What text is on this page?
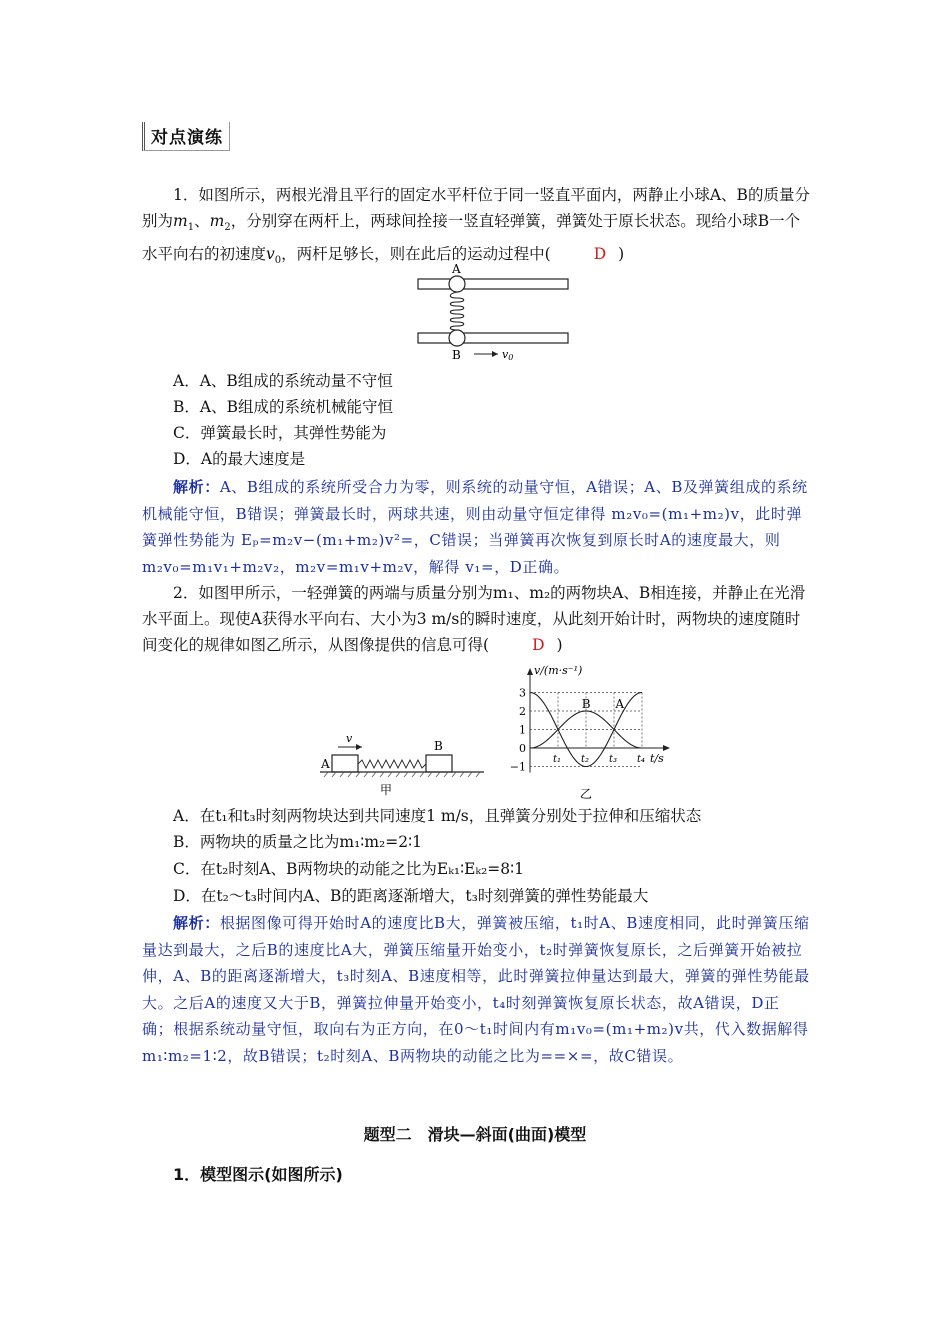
对点演练

1．如图所示，两根光滑且平行的固定水平杆位于同一竖直平面内，两静止小球A、B的质量分别为$m_1$、$m_2$，分别穿在两杆上，两球间拴接一竖直轻弹簧，弹簧处于原长状态。现给小球B一个水平向右的初速度$v_0$，两杆足够长，则在此后的运动过程中(	D )

A
B	v0

A．A、B组成的系统动量不守恒

B．A、B组成的系统机械能守恒

C．弹簧最长时，其弹性势能为

D．A的最大速度是

解析：A、B组成的系统所受合力为零，则系统的动量守恒，A错误；A、B及弹簧组成的系统机械能守恒，B错误；弹簧最长时，两球共速，则由动量守恒定律得 m₂v₀=(m₁+m₂)v，此时弹簧弹性势能为 Eₚ=m₂v−(m₁+m₂)v²=，C错误；当弹簧再次恢复到原长时A的速度最大，则 m₂v₀=m₁v₁+m₂v₂，m₂v=m₁v+m₂v，解得 v₁=，D正确。

2．如图甲所示，一轻弹簧的两端与质量分别为m₁、m₂的两物块A、B相连接，并静止在光滑水平面上。现使A获得水平向右、大小为3 m/s的瞬时速度，从此刻开始计时，两物块的速度随时间变化的规律如图乙所示，从图像提供的信息可得(	D )

v
A
B
甲
v/(m·s⁻¹)
t/s
3
2
1
0
−1
t₁ t₂ t₃ t₄
B A
乙

A．在t₁和t₃时刻两物块达到共同速度1 m/s，且弹簧分别处于拉伸和压缩状态

B．两物块的质量之比为m₁∶m₂=2∶1

C．在t₂时刻A、B两物块的动能之比为Eₖ₁∶Eₖ₂=8∶1

D．在t₂～t₃时间内A、B的距离逐渐增大，t₃时刻弹簧的弹性势能最大

解析：根据图像可得开始时A的速度比B大，弹簧被压缩，t₁时A、B速度相同，此时弹簧压缩量达到最大，之后B的速度比A大，弹簧压缩量开始变小，t₂时弹簧恢复原长，之后弹簧开始被拉伸，A、B的距离逐渐增大，t₃时刻A、B速度相等，此时弹簧拉伸量达到最大，弹簧的弹性势能最大。之后A的速度又大于B，弹簧拉伸量开始变小，t₄时刻弹簧恢复原长状态，故A错误，D正确；根据系统动量守恒，取向右为正方向，在0～t₁时间内有m₁v₀=(m₁+m₂)v共，代入数据解得m₁∶m₂=1∶2，故B错误；t₂时刻A、B两物块的动能之比为==×=，故C错误。

题型二　滑块—斜面(曲面)模型
1．模型图示(如图所示)
